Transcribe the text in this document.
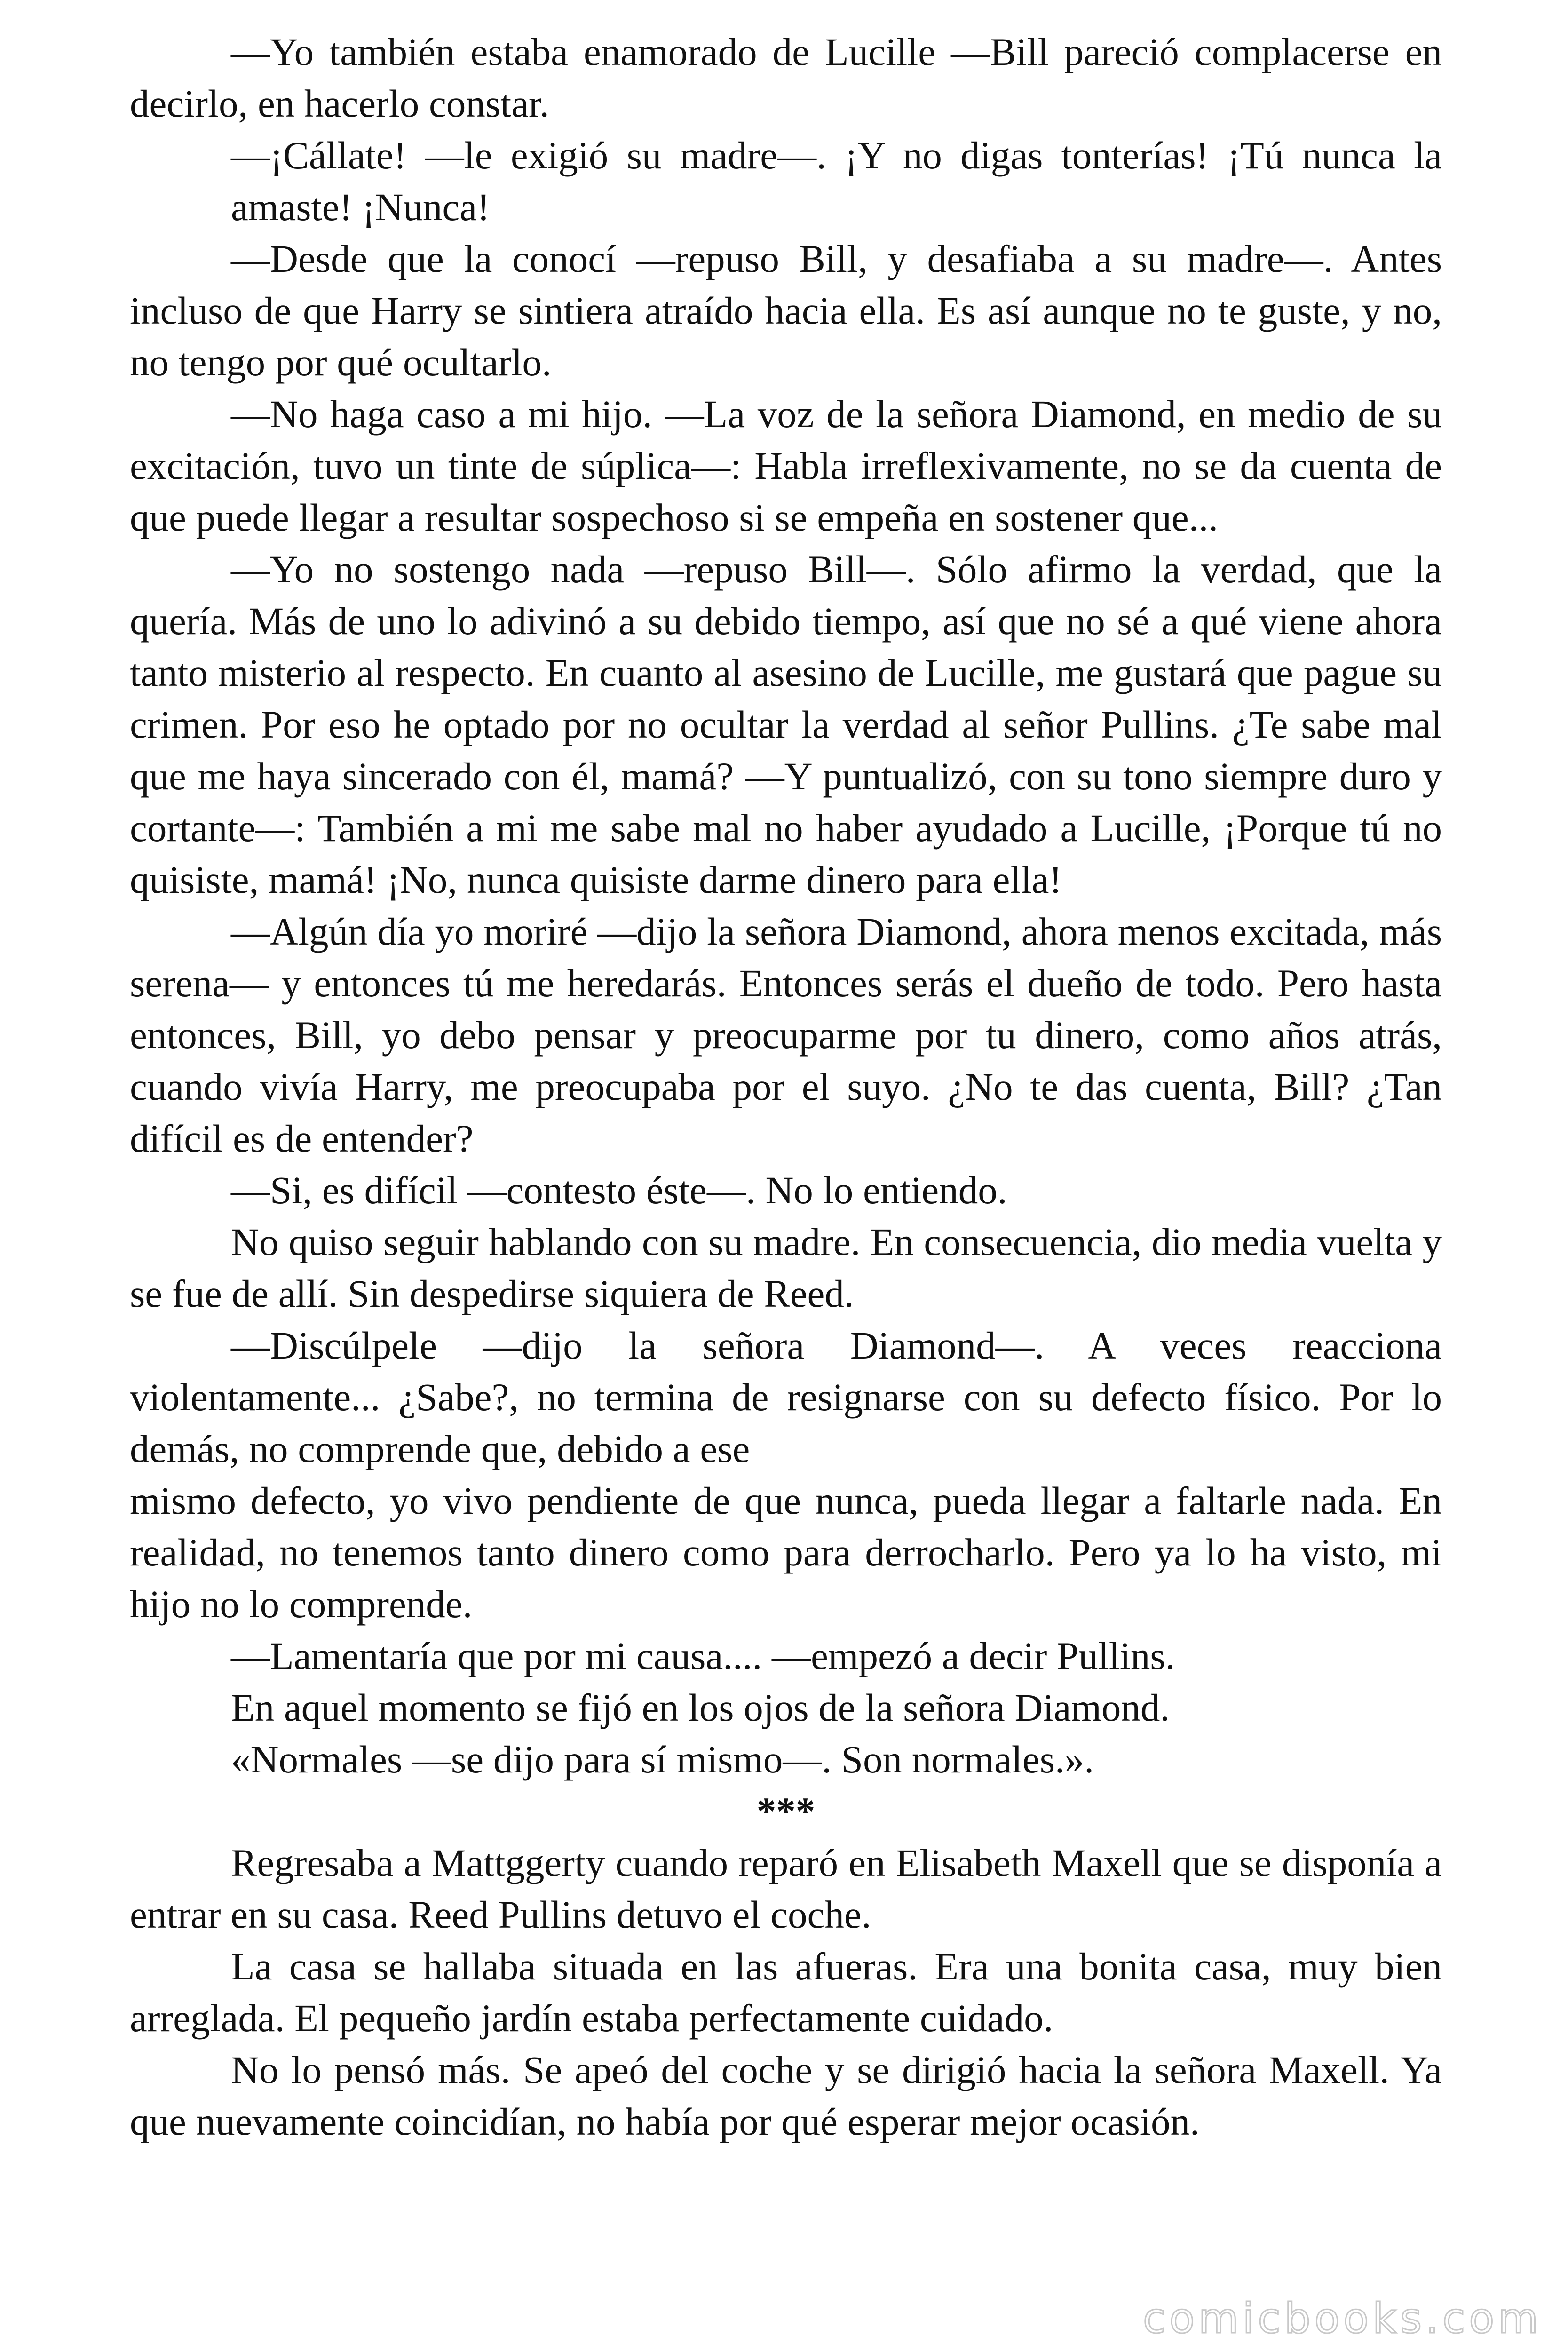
—Yo también estaba enamorado de Lucille —Bill pareció complacerse en decirlo, en hacerlo constar.

—¡Cállate! —le exigió su madre—. ¡Y no digas tonterías! ¡Tú nunca la amaste! ¡Nunca!

—Desde que la conocí —repuso Bill, y desafiaba a su madre—. Antes incluso de que Harry se sintiera atraído hacia ella. Es así aunque no te guste, y no, no tengo por qué ocultarlo.

—No haga caso a mi hijo. —La voz de la señora Diamond, en medio de su excitación, tuvo un tinte de súplica—: Habla irreflexivamente, no se da cuenta de que puede llegar a resultar sospechoso si se empeña en sostener que...

—Yo no sostengo nada —repuso Bill—. Sólo afirmo la verdad, que la quería. Más de uno lo adivinó a su debido tiempo, así que no sé a qué viene ahora tanto misterio al respecto. En cuanto al asesino de Lucille, me gustará que pague su crimen. Por eso he optado por no ocultar la verdad al señor Pullins. ¿Te sabe mal que me haya sincerado con él, mamá? —Y puntualizó, con su tono siempre duro y cortante—: También a mi me sabe mal no haber ayudado a Lucille, ¡Porque tú no quisiste, mamá! ¡No, nunca quisiste darme dinero para ella!

—Algún día yo moriré —dijo la señora Diamond, ahora menos excitada, más serena— y entonces tú me heredarás. Entonces serás el dueño de todo. Pero hasta entonces, Bill, yo debo pensar y preocuparme por tu dinero, como años atrás, cuando vivía Harry, me preocupaba por el suyo. ¿No te das cuenta, Bill? ¿Tan difícil es de entender?

—Si, es difícil —contesto éste—. No lo entiendo.

No quiso seguir hablando con su madre. En consecuencia, dio media vuelta y se fue de allí. Sin despedirse siquiera de Reed.

—Discúlpele —dijo la señora Diamond—. A veces reacciona violentamente... ¿Sabe?, no termina de resignarse con su defecto físico. Por lo demás, no comprende que, debido a ese

mismo defecto, yo vivo pendiente de que nunca, pueda llegar a faltarle nada. En realidad, no tenemos tanto dinero como para derrocharlo. Pero ya lo ha visto, mi hijo no lo comprende.

—Lamentaría que por mi causa.... —empezó a decir Pullins.

En aquel momento se fijó en los ojos de la señora Diamond.

«Normales —se dijo para sí mismo—. Son normales.».

***

Regresaba a Mattggerty cuando reparó en Elisabeth Maxell que se disponía a entrar en su casa. Reed Pullins detuvo el coche.

La casa se hallaba situada en las afueras. Era una bonita casa, muy bien arreglada. El pequeño jardín estaba perfectamente cuidado.

No lo pensó más. Se apeó del coche y se dirigió hacia la señora Maxell. Ya que nuevamente coincidían, no había por qué esperar mejor ocasión.

comicbooks.com
